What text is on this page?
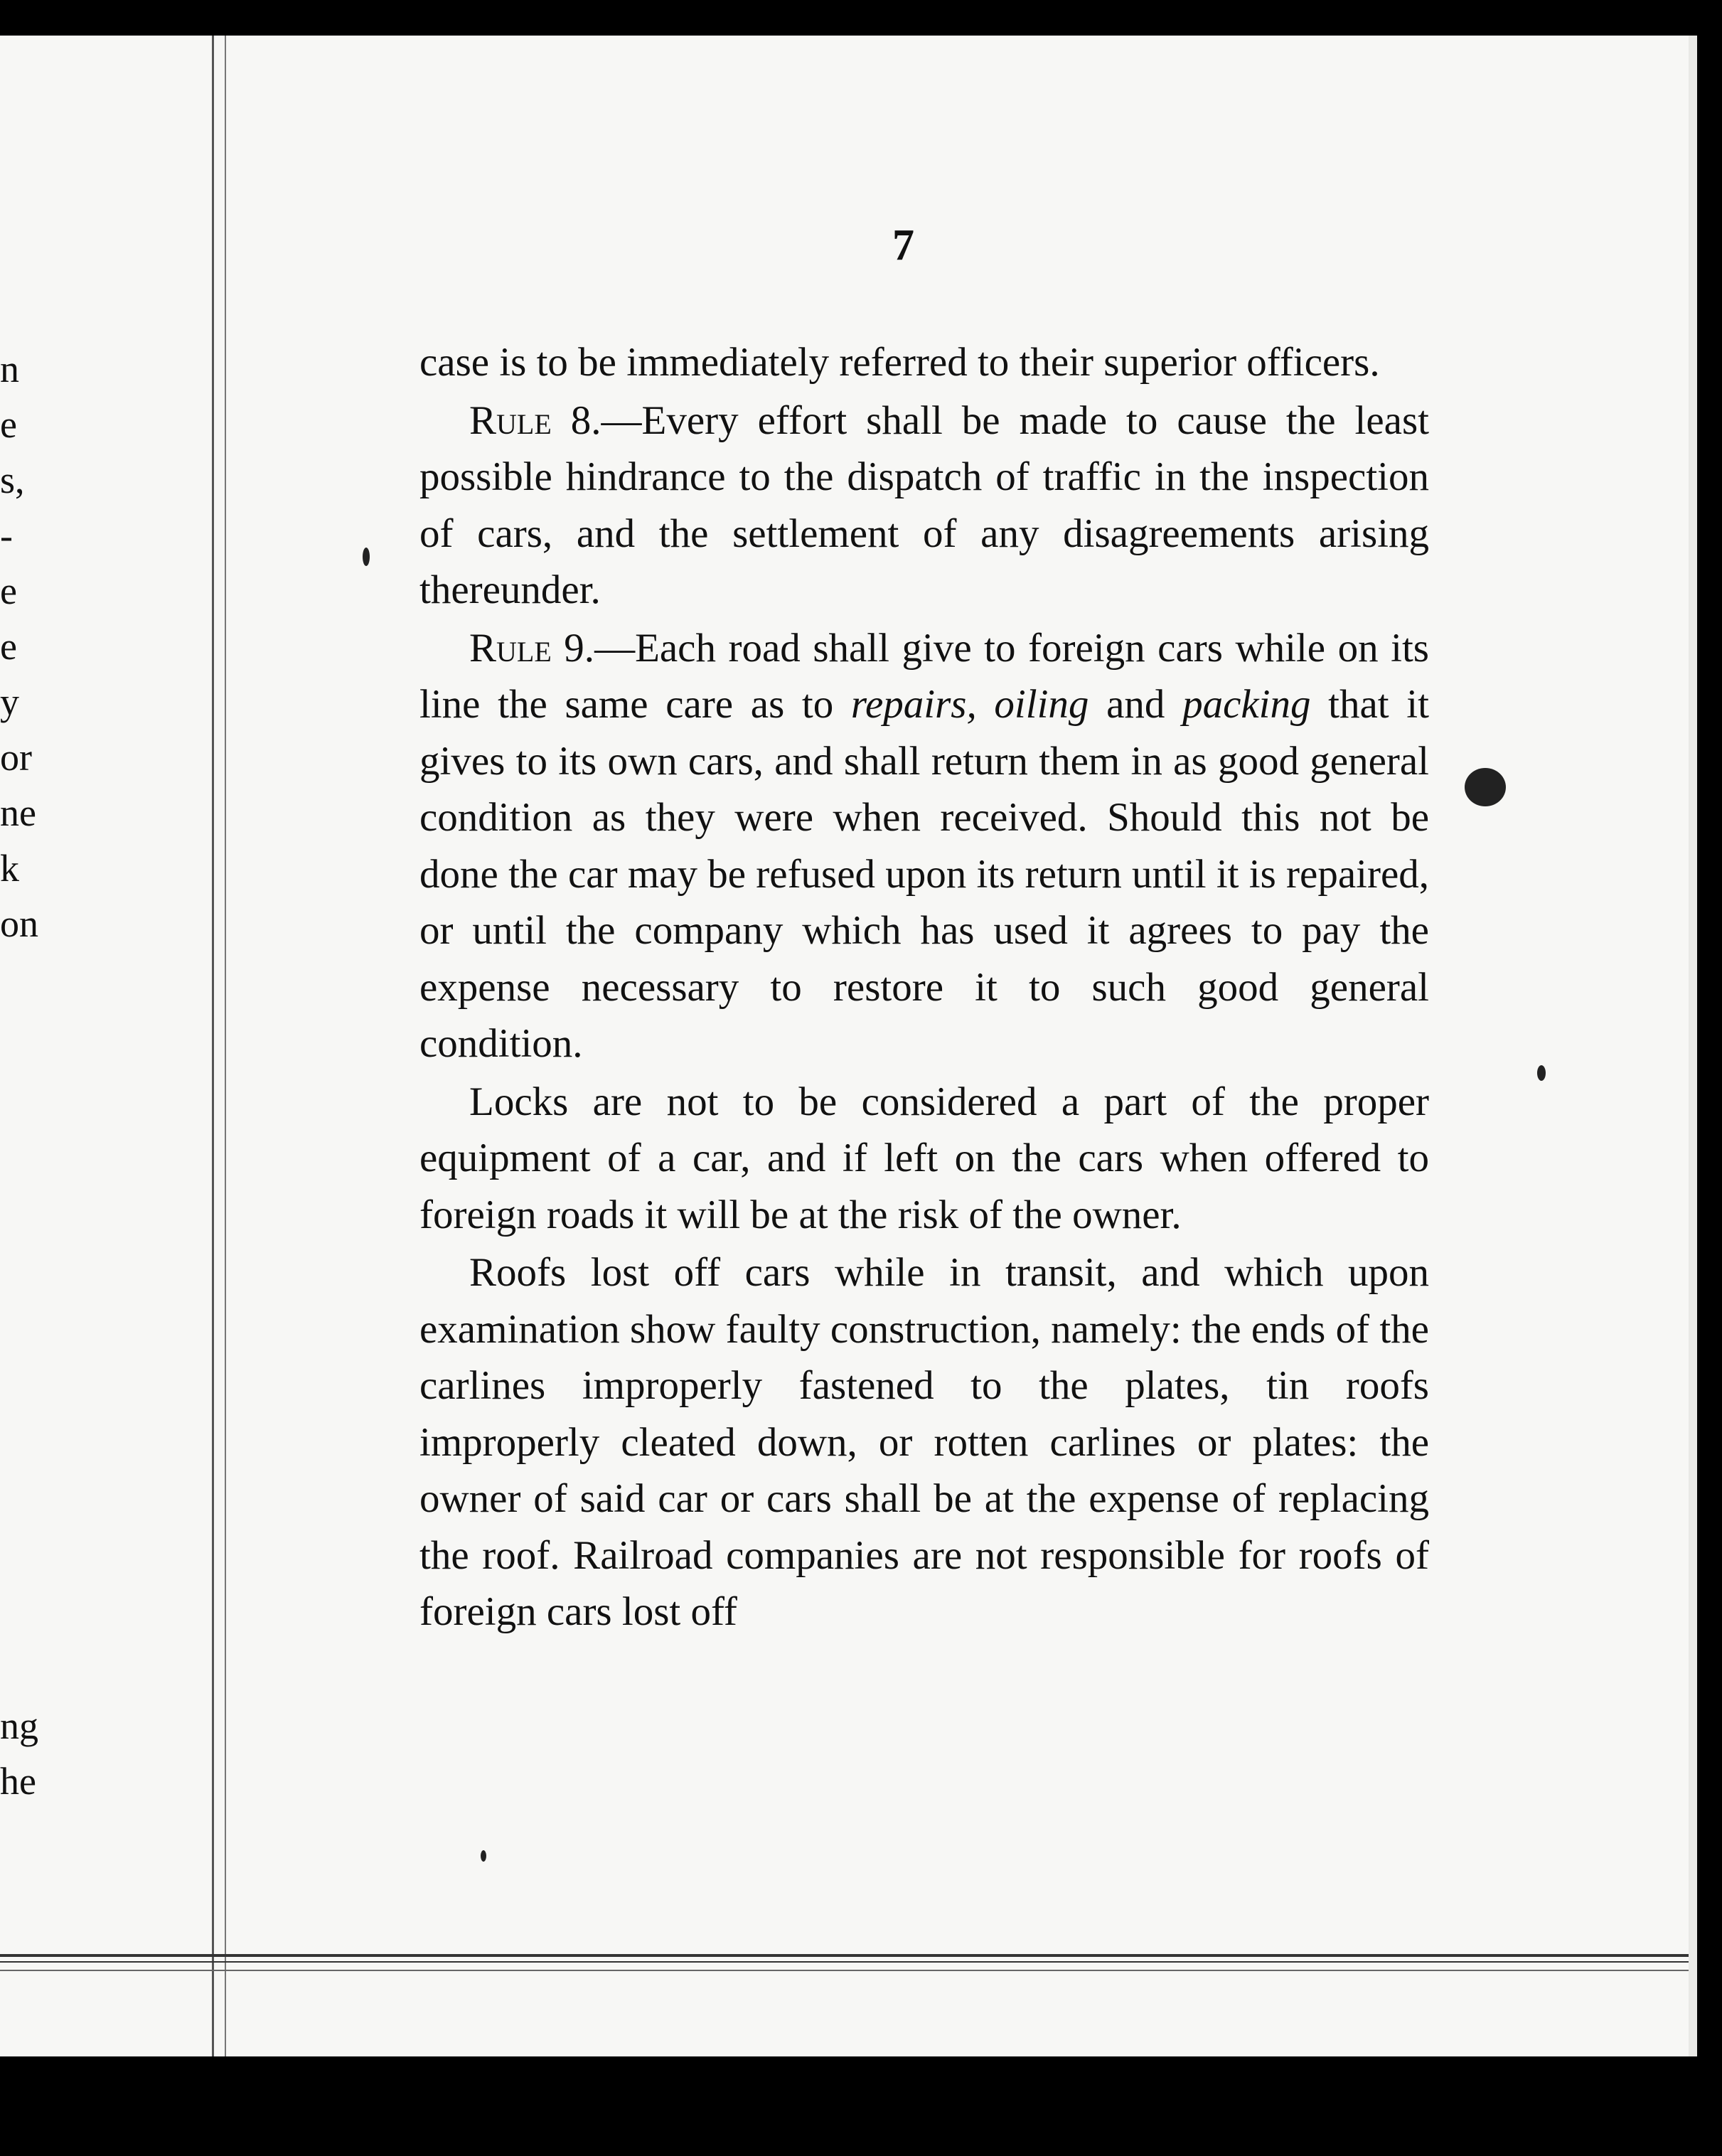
n
e
s,
-
e
e
y
or
ne
k
on
ng
he
7

case is to be immediately referred to their superior officers.

Rule 8.—Every effort shall be made to cause the least possible hindrance to the dispatch of traffic in the inspection of cars, and the settlement of any disagreements arising thereunder.

Rule 9.—Each road shall give to foreign cars while on its line the same care as to repairs, oiling and packing that it gives to its own cars, and shall return them in as good general condition as they were when received. Should this not be done the car may be refused upon its return until it is repaired, or until the company which has used it agrees to pay the expense necessary to restore it to such good general condition.

Locks are not to be considered a part of the proper equipment of a car, and if left on the cars when offered to foreign roads it will be at the risk of the owner.

Roofs lost off cars while in transit, and which upon examination show faulty construction, namely: the ends of the carlines improperly fastened to the plates, tin roofs improperly cleated down, or rotten carlines or plates: the owner of said car or cars shall be at the expense of replacing the roof. Railroad companies are not responsible for roofs of foreign cars lost off
